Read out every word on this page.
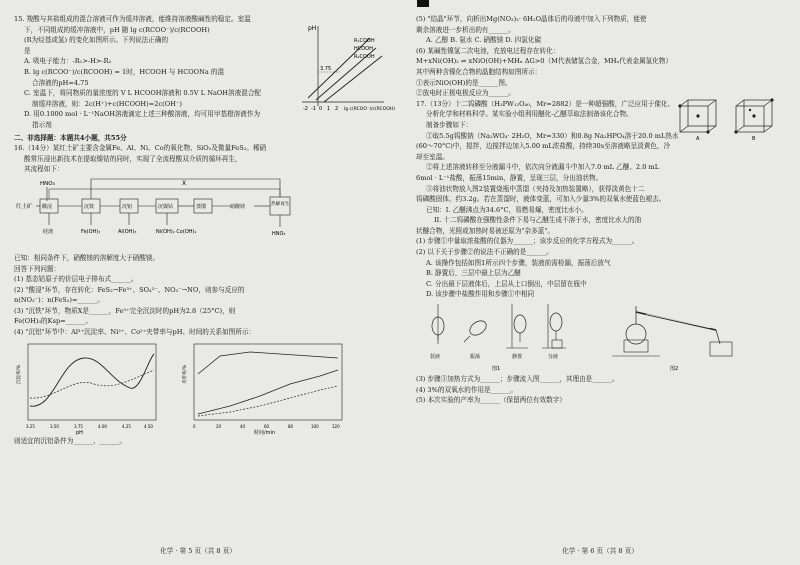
15. 羧酸与其盐组成的混合溶液可作为缓冲溶液，能维持溶液酸碱性的稳定。室温

下，不同组成的缓冲溶液中，pH 随 lg c(RCOO⁻)/c(RCOOH)

(R为烃基或氢) 的变化如图所示。下列说法正确的

是

A. 吸电子能力：-R₁>-H>-R₂

B. lg c(RCOO⁻)/c(RCOOH) = 1时，HCOOH 与 HCOONa 的混

合溶液的pH=4.75

C. 室温下，将同物质的量浓度的 V L HCOOH溶液和 0.5V L NaOH溶液混合配

制缓冲溶液，则：2c(H⁺)+c(HCOOH)=2c(OH⁻)

D. 用0.1000 mol · L⁻¹NaOH溶液滴定上述三种酸溶液，均可用甲基橙溶液作为

指示剂

pH
R₁COOH
HCOOH
R₂COOH
3.75
-2 -1 0 1 2 lg c(RCOO⁻)/c(RCOOH)

二、非选择题：本题共4小题，共55分

16.（14分）某红土矿主要含金属Fe、Al、Ni、Co的氧化物、SiO₂及微量FeS₂。稀硝

酸常压浸出新技术在提取镍钴的同时，实现了全流程酸双介质的循环再生，

其流程如下：

HNO₃
红土矿 酸浸	沉铁	沉铝	沉镍钴	蒸馏	硝酸镁	热解再生
X
硅渣	Fe(OH)₃	Al(OH)₃	Ni(OH)₂ Co(OH)₂	HNO₃

已知：相同条件下，硝酸镁的溶解度大于硝酸镁。

回答下列问题：

(1) 基态钴原子的价层电子排布式______。

(2) "酸浸"环节，存在转化：FeS₂→Fe³⁺、SO₄²⁻、NO₃⁻→NO，则参与反应的

n(NO₃⁻)：n(FeS₂)=______。

(3) "沉铁"环节，物质X是______，Fe³⁺完全沉淀时的pH为2.8（25°C)，则

Fe(OH)₃的Ksp=______。

(4) "沉铝"环节中：Al³⁺沉淀率、Ni²⁺、Co²⁺夹带率与pH、时间的关系如图所示：

pH
3.25	3.50	3.75	4.00	4.25	4.50
沉淀率/%
时间/min
0	20	40	60	80	100	120
夹带率/%

则适宜的沉铝条件为______、______。

化学 · 第 5 页（共 8 页）

(5) "结晶"环节，向析出Mg(NO₃)₂· 6H₂O晶体后的母液中加入下列物质，能使

剩余溶液进一步析出的有______。

A. 乙醇 B. 氨水 C. 硝酸镁 D. 四氯化碳

(6) 某碱性镍氢二次电池，充放电过程存在转化：

M+xNi(OH)₂ ⇌ xNiO(OH)+MHₓ ΔG>0（M代表储氢合金，MHₓ代表金属氢化物）

其中两种含镍化合物的晶胞结构如图所示：

①表示NiO(OH)的是______图。

②放电时正极电极反应为______。

A	B

17.（13分）十二钨磷酸（H₃PW₁₂O₄₀，Mr=2882）是一种超强酸，广泛应用于催化、

分析化学和材料科学。某实验小组利用醚化-乙醚萃取法制备该化合物。

制备步骤如下：

①取5.5g钨酸钠（Na₂WO₄· 2H₂O，Mr=330）和0.8g Na₂HPO₄溶于20.0 mL热水

(60～70°C)中，搅拌，边搅拌边加入5.00 mL浓盐酸，持续30s至溶液略呈淡黄色，冷

却至室温。

②将上述溶液转移至分液漏斗中，依次向分液漏斗中加入7.0 mL 乙醚、2.0 mL

6mol · L⁻¹盐酸，振荡15min，静置，呈现三层，分出油状物。

③将油状物放入图2装置烧瓶中蒸馏（夹持及加热装置略），获得淡黄色十二

钨磷酸固体，约3.2g。若在蒸馏时，液体变蓝，可加入少量3%的双氧水使蓝色褪去。

已知：I. 乙醚沸点为34.6°C，易燃易爆，密度比水小。

II. 十二钨磷酸在强酸性条件下易与乙醚生成不溶于水，密度比水大的油

状醚合物，光照或加热时易被还原为"杂多蓝"。

(1) 步骤①中量取浓盐酸的仪器为______；该步反应的化学方程式为______。

(2) 以下关于步骤②的说法不正确的是______。

A. 该操作包括如图1所示四个步骤，装液前需检漏，振荡后放气

B. 静置后，三层中最上层为乙醚

C. 分出最下层液体后，上层从上口倒出，中层留在瓶中

D. 该步骤中盐酸作用和步骤①中相同

装液	振荡	静置	分液
图1	图2

(3) 步骤③加热方式为______；步骤流入图______，其理由是______。

(4) 3%的双氧水的作用是______。

(5) 本次实验的产率为______（保留两位有效数字）

化学 · 第 6 页（共 8 页）
